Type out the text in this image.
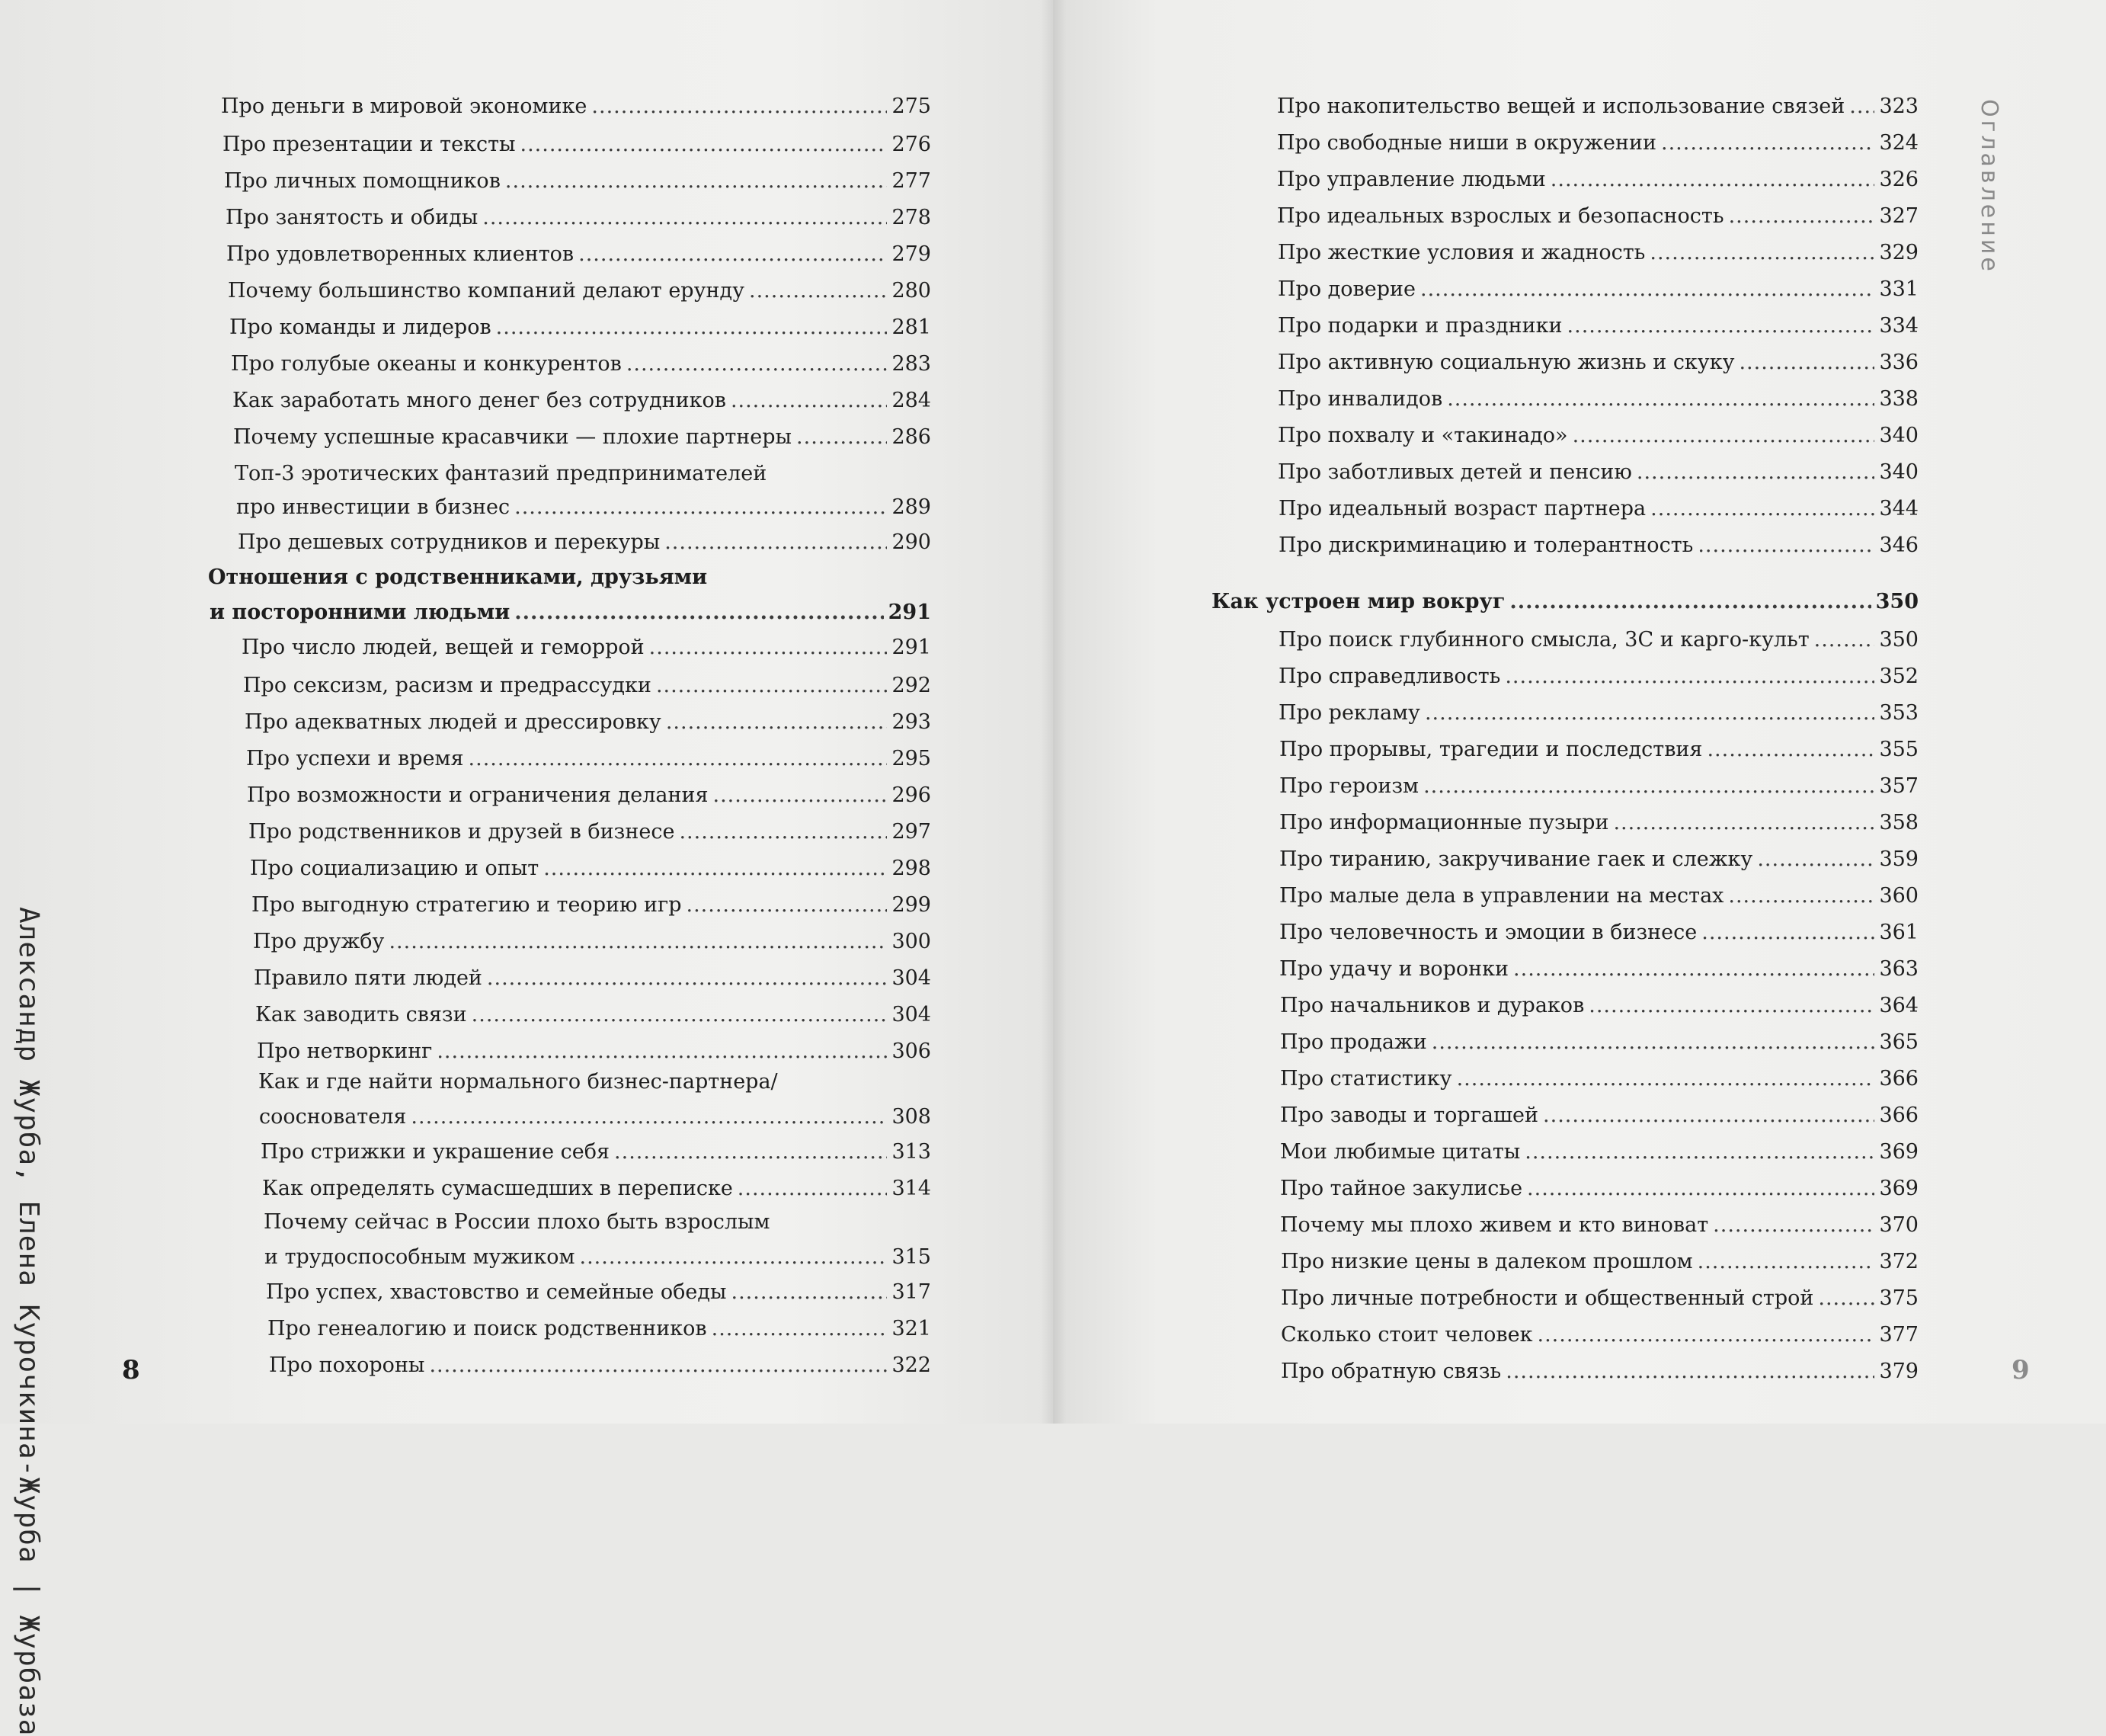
Александр Журба, Елена Курочкина-Журба | Журбаза
Оглавление
8	9
Про деньги в мировой экономике .....	275
Про презентации и тексты .....	276
Про личных помощников .....	277
Про занятость и обиды .....	278
Про удовлетворенных клиентов .....	279
Почему большинство компаний делают ерунду .....	280
Про команды и лидеров .....	281
Про голубые океаны и конкурентов .....	283
Как заработать много денег без сотрудников .....	284
Почему успешные красавчики — плохие партнеры .....	286
Топ-3 эротических фантазий предпринимателей
про инвестиции в бизнес .....	289
Про дешевых сотрудников и перекуры .....	290
Отношения с родственниками, друзьями
и посторонними людьми .....	291
Про число людей, вещей и геморрой .....	291
Про сексизм, расизм и предрассудки .....	292
Про адекватных людей и дрессировку .....	293
Про успехи и время .....	295
Про возможности и ограничения делания .....	296
Про родственников и друзей в бизнесе .....	297
Про социализацию и опыт .....	298
Про выгодную стратегию и теорию игр .....	299
Про дружбу .....	300
Правило пяти людей .....	304
Как заводить связи .....	304
Про нетворкинг .....	306
Как и где найти нормального бизнес-партнера/
сооснователя .....	308
Про стрижки и украшение себя .....	313
Как определять сумасшедших в переписке .....	314
Почему сейчас в России плохо быть взрослым
и трудоспособным мужиком .....	315
Про успех, хвастовство и семейные обеды .....	317
Про генеалогию и поиск родственников .....	321
Про похороны .....	322
Про накопительство вещей и использование связей ..... 323
Про свободные ниши в окружении .....	324
Про управление людьми .....	326
Про идеальных взрослых и безопасность .....	327
Про жесткие условия и жадность .....	329
Про доверие .....	331
Про подарки и праздники .....	334
Про активную социальную жизнь и скуку .....	336
Про инвалидов .....	338
Про похвалу и «такинадо» .....	340
Про заботливых детей и пенсию .....	340
Про идеальный возраст партнера .....	344
Про дискриминацию и толерантность .....	346
Как устроен мир вокруг .....	350
Про поиск глубинного смысла, 3С и карго-культ .....	350
Про справедливость .....	352
Про рекламу .....	353
Про прорывы, трагедии и последствия .....	355
Про героизм .....	357
Про информационные пузыри .....	358
Про тиранию, закручивание гаек и слежку .....	359
Про малые дела в управлении на местах .....	360
Про человечность и эмоции в бизнесе .....	361
Про удачу и воронки .....	363
Про начальников и дураков .....	364
Про продажи .....	365
Про статистику .....	366
Про заводы и торгашей .....	366
Мои любимые цитаты .....	369
Про тайное закулисье .....	369
Почему мы плохо живем и кто виноват .....	370
Про низкие цены в далеком прошлом .....	372
Про личные потребности и общественный строй .....	375
Сколько стоит человек .....	377
Про обратную связь .....	379
